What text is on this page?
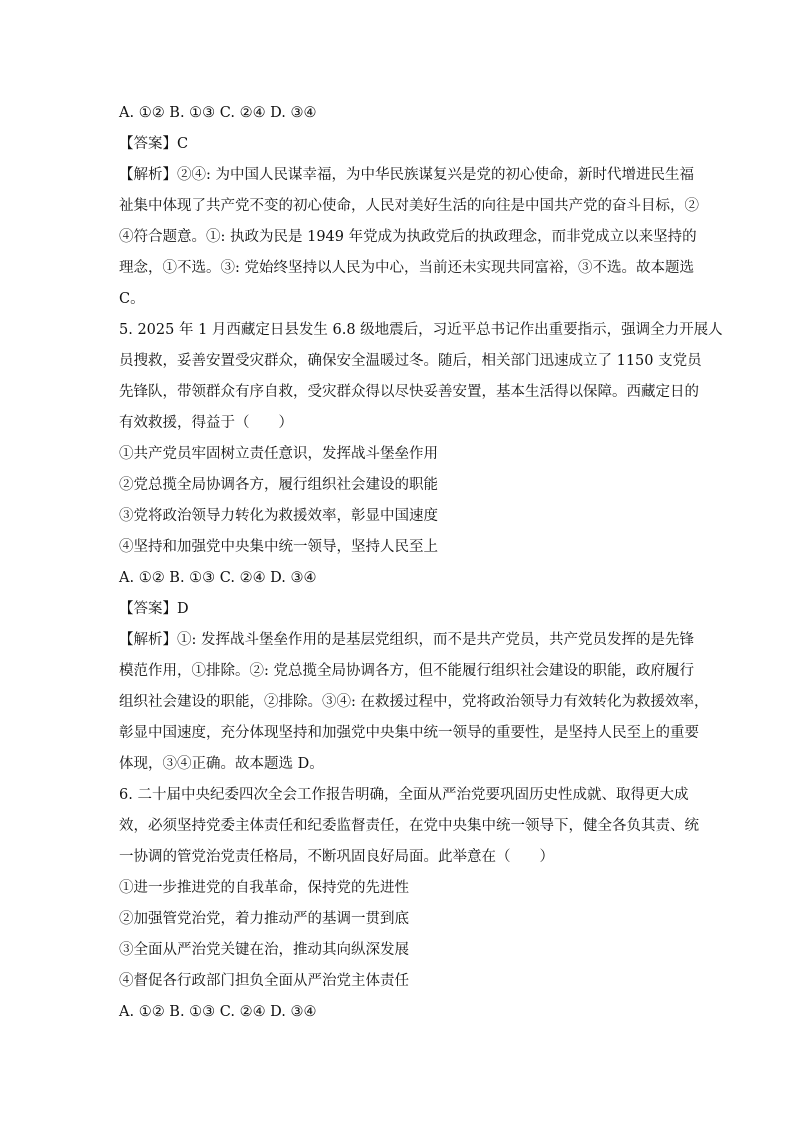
A. ①② B. ①③ C. ②④ D. ③④

【答案】C

【解析】②④: 为中国人民谋幸福，为中华民族谋复兴是党的初心使命，新时代增进民生福

祉集中体现了共产党不变的初心使命，人民对美好生活的向往是中国共产党的奋斗目标，②

④符合题意。①: 执政为民是 1949 年党成为执政党后的执政理念，而非党成立以来坚持的

理念，①不选。③: 党始终坚持以人民为中心，当前还未实现共同富裕，③不选。故本题选

C。

5. 2025 年 1 月西藏定日县发生 6.8 级地震后，习近平总书记作出重要指示，强调全力开展人

员搜救，妥善安置受灾群众，确保安全温暖过冬。随后，相关部门迅速成立了 1150 支党员

先锋队，带领群众有序自救，受灾群众得以尽快妥善安置，基本生活得以保障。西藏定日的

有效救援，得益于（　　）

①共产党员牢固树立责任意识，发挥战斗堡垒作用

②党总揽全局协调各方，履行组织社会建设的职能

③党将政治领导力转化为救援效率，彰显中国速度

④坚持和加强党中央集中统一领导，坚持人民至上

A. ①② B. ①③ C. ②④ D. ③④

【答案】D

【解析】①: 发挥战斗堡垒作用的是基层党组织，而不是共产党员，共产党员发挥的是先锋

模范作用，①排除。②: 党总揽全局协调各方，但不能履行组织社会建设的职能，政府履行

组织社会建设的职能，②排除。③④: 在救援过程中，党将政治领导力有效转化为救援效率，

彰显中国速度，充分体现坚持和加强党中央集中统一领导的重要性，是坚持人民至上的重要

体现，③④正确。故本题选 D。

6. 二十届中央纪委四次全会工作报告明确，全面从严治党要巩固历史性成就、取得更大成

效，必须坚持党委主体责任和纪委监督责任，在党中央集中统一领导下，健全各负其责、统

一协调的管党治党责任格局，不断巩固良好局面。此举意在（　　）

①进一步推进党的自我革命，保持党的先进性

②加强管党治党，着力推动严的基调一贯到底

③全面从严治党关键在治，推动其向纵深发展

④督促各行政部门担负全面从严治党主体责任

A. ①② B. ①③ C. ②④ D. ③④
